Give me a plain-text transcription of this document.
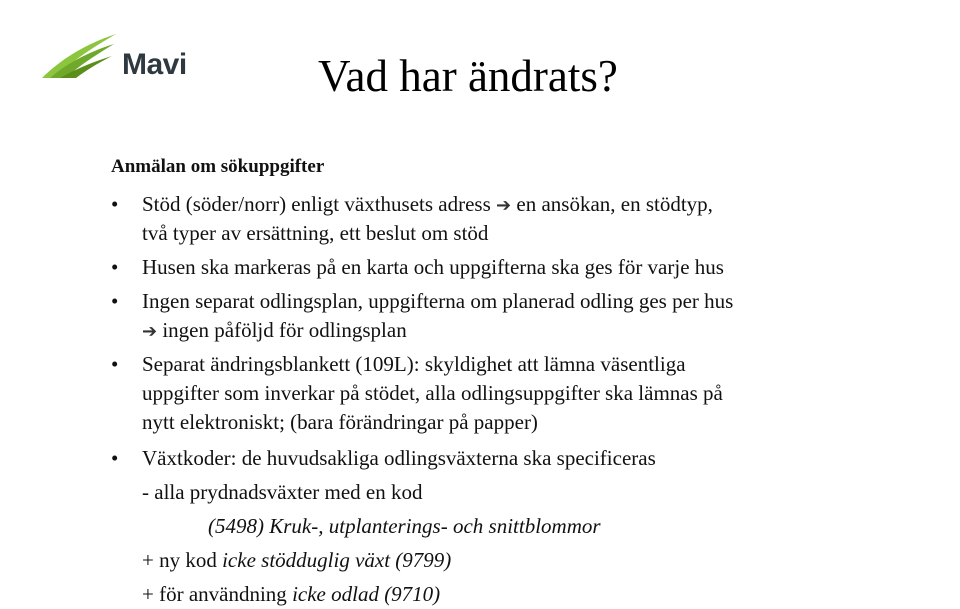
Mavi	Vad har ändrats?
Anmälan om sökuppgifter
• Stöd (söder/norr) enligt växthusets adress ➔ en ansökan, en stödtyp,
två typer av ersättning, ett beslut om stöd
• Husen ska markeras på en karta och uppgifterna ska ges för varje hus
• Ingen separat odlingsplan, uppgifterna om planerad odling ges per hus
➔ ingen påföljd för odlingsplan
• Separat ändringsblankett (109L): skyldighet att lämna väsentliga
uppgifter som inverkar på stödet, alla odlingsuppgifter ska lämnas på
nytt elektroniskt; (bara förändringar på papper)
• Växtkoder: de huvudsakliga odlingsväxterna ska specificeras
- alla prydnadsväxter med en kod
(5498) Kruk-, utplanterings- och snittblommor
+ ny kod icke stödduglig växt (9799)
+ för användning icke odlad (9710)
